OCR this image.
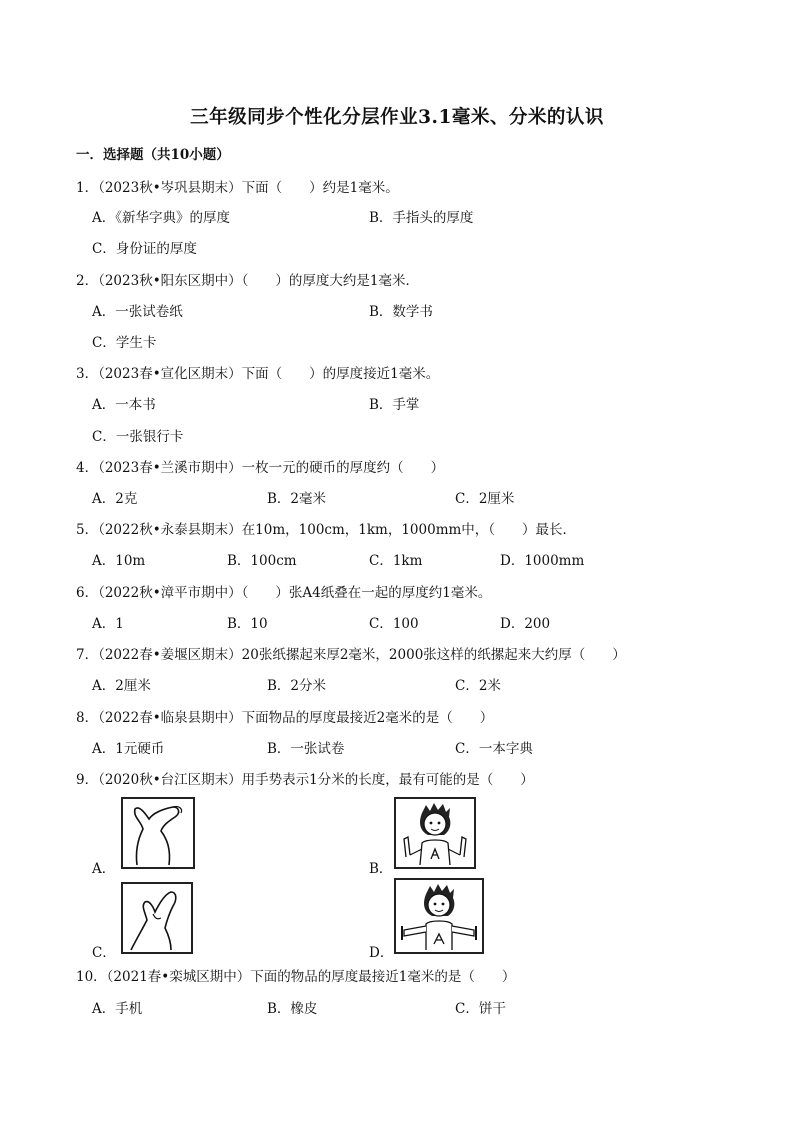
三年级同步个性化分层作业3.1毫米、分米的认识
一．选择题（共10小题）
1．（2023秋•岑巩县期末）下面（　　）约是1毫米。
A．《新华字典》的厚度	B．手指头的厚度
C．身份证的厚度
2．（2023秋•阳东区期中）（　　）的厚度大约是1毫米．
A．一张试卷纸	B．数学书
C．学生卡
3．（2023春•宣化区期末）下面（　　）的厚度接近1毫米。
A．一本书	B．手掌
C．一张银行卡
4．（2023春•兰溪市期中）一枚一元的硬币的厚度约（　　）
A．2克	B．2毫米	C．2厘米
5．（2022秋•永泰县期末）在10m，100cm，1km，1000mm中，（　　）最长．
A．10m	B．100cm	C．1km	D．1000mm
6．（2022秋•漳平市期中）（　　）张A4纸叠在一起的厚度约1毫米。
A．1	B．10	C．100	D．200
7．（2022春•姜堰区期末）20张纸摞起来厚2毫米，2000张这样的纸摞起来大约厚（　　）
A．2厘米	B．2分米	C．2米
8．（2022春•临泉县期中）下面物品的厚度最接近2毫米的是（　　）
A．1元硬币	B．一张试卷	C．一本字典
9．（2020秋•台江区期末）用手势表示1分米的长度，最有可能的是（　　）
A．	B．
C．	D．
10．（2021春•栾城区期中）下面的物品的厚度最接近1毫米的是（　　）
A．手机	B．橡皮	C．饼干
